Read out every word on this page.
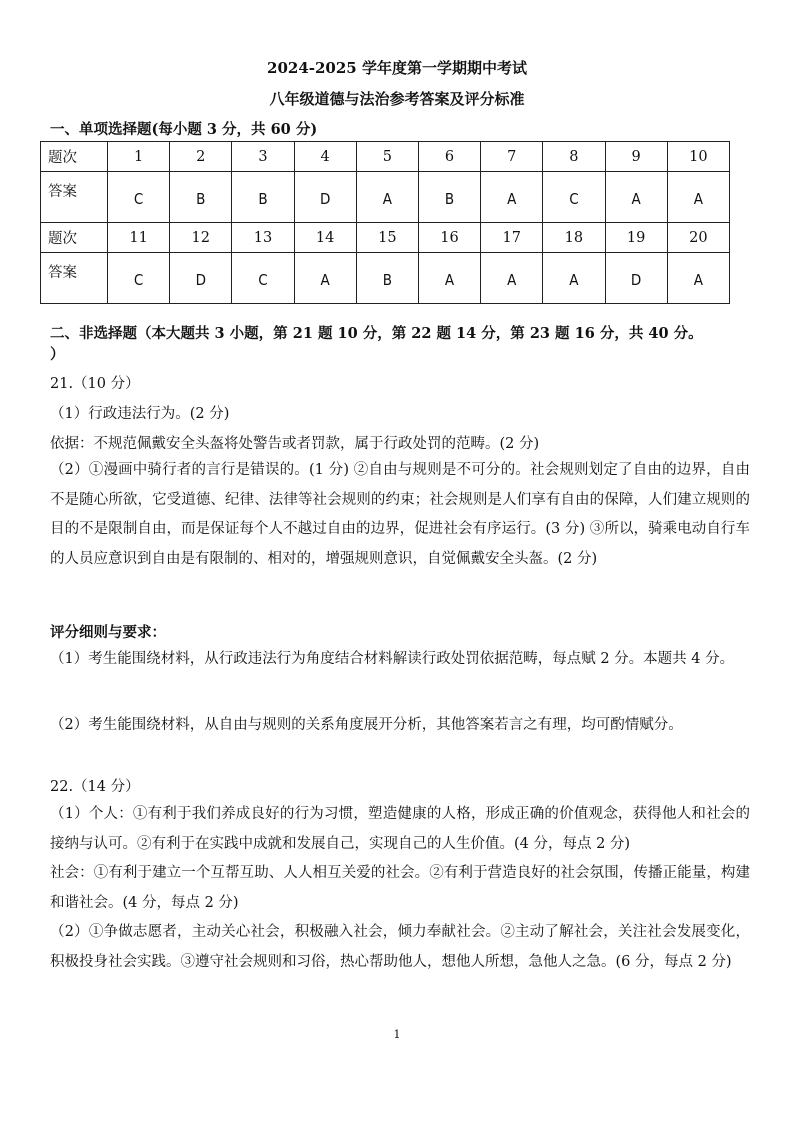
2024-2025 学年度第一学期期中考试
八年级道德与法治参考答案及评分标准
一、单项选择题(每小题 3 分，共 60 分)
题次	1	2	3	4	5	6	7	8	9	10
答案	C	B	B	D	A	B	A	C	A	A
题次	11	12	13	14	15	16	17	18	19	20
答案	C	D	C	A	B	A	A	A	D	A
二、非选择题（本大题共 3 小题，第 21 题 10 分，第 22 题 14 分，第 23 题 16 分，共 40 分。
）
21.（10 分）
（1）行政违法行为。(2 分)
依据：不规范佩戴安全头盔将处警告或者罚款，属于行政处罚的范畴。(2 分)
（2）①漫画中骑行者的言行是错误的。(1 分) ②自由与规则是不可分的。社会规则划定了自由的边界，自由不是随心所欲，它受道德、纪律、法律等社会规则的约束；社会规则是人们享有自由的保障，人们建立规则的目的不是限制自由，而是保证每个人不越过自由的边界，促进社会有序运行。(3 分) ③所以，骑乘电动自行车的人员应意识到自由是有限制的、相对的，增强规则意识，自觉佩戴安全头盔。(2 分)
评分细则与要求：
（1）考生能围绕材料，从行政违法行为角度结合材料解读行政处罚依据范畴，每点赋 2 分。本题共 4 分。
（2）考生能围绕材料，从自由与规则的关系角度展开分析，其他答案若言之有理，均可酌情赋分。
22.（14 分）
（1）个人：①有利于我们养成良好的行为习惯，塑造健康的人格，形成正确的价值观念，获得他人和社会的接纳与认可。②有利于在实践中成就和发展自己，实现自己的人生价值。(4 分，每点 2 分)
社会：①有利于建立一个互帮互助、人人相互关爱的社会。②有利于营造良好的社会氛围，传播正能量，构建和谐社会。(4 分，每点 2 分)
（2）①争做志愿者，主动关心社会，积极融入社会，倾力奉献社会。②主动了解社会，关注社会发展变化，积极投身社会实践。③遵守社会规则和习俗，热心帮助他人，想他人所想，急他人之急。(6 分，每点 2 分)
1
